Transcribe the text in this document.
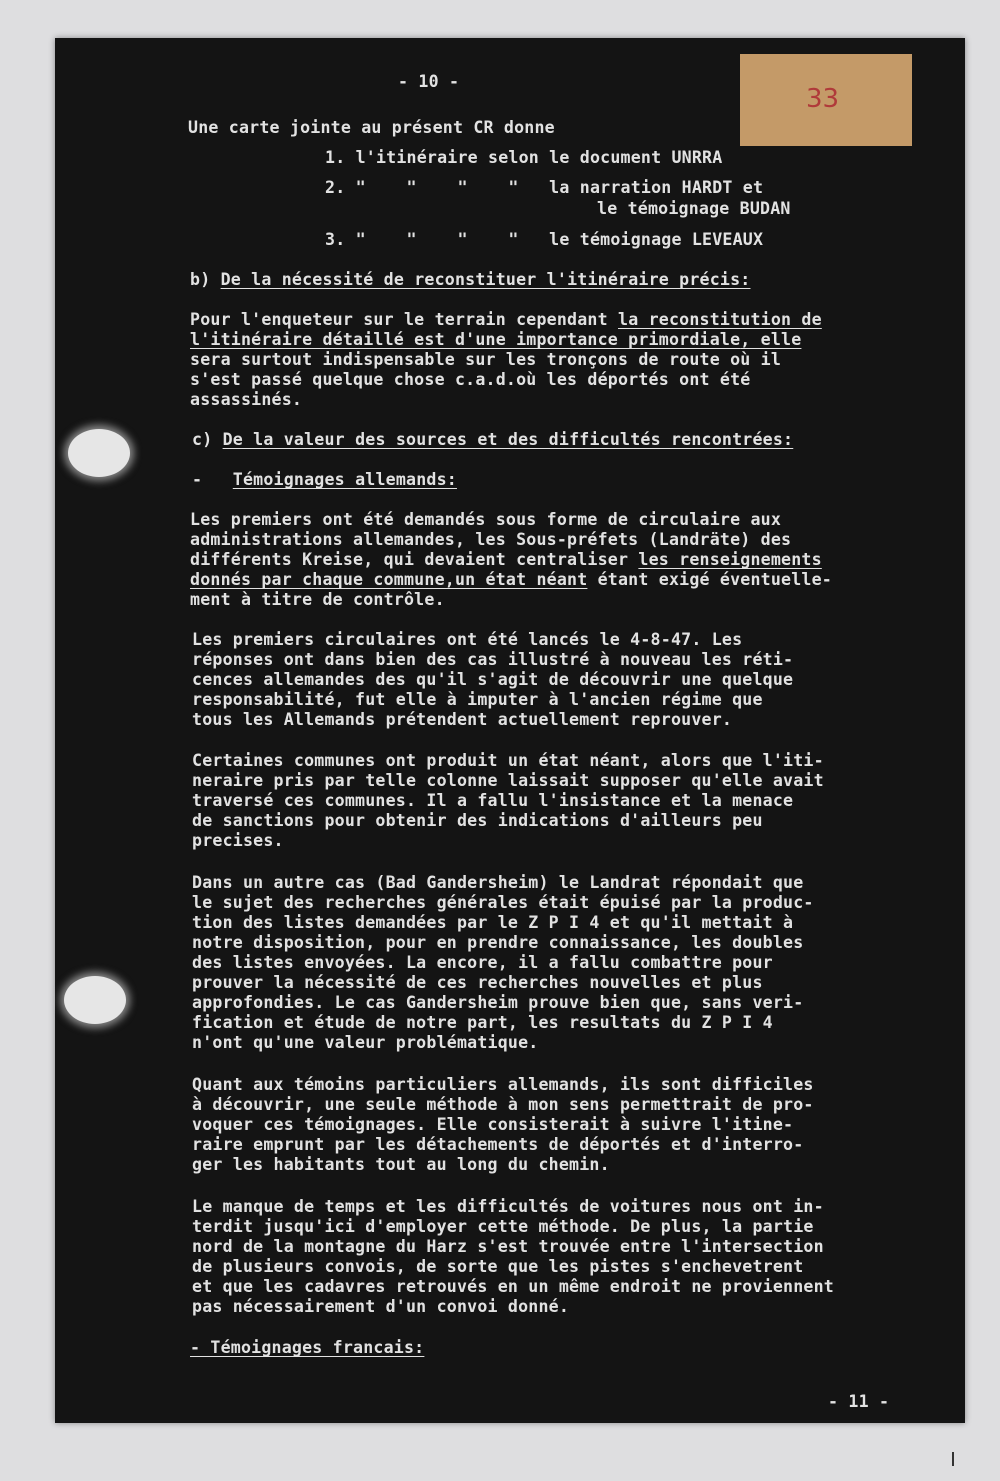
33

- 10 -

Une carte jointe au présent CR donne

1. l'itinéraire selon le document UNRRA

2. "    "    "    "   la narration HARDT et

le témoignage BUDAN

3. "    "    "    "   le témoignage LEVEAUX

b) De la nécessité de reconstituer l'itinéraire précis:

Pour l'enqueteur sur le terrain cependant la reconstitution de

l'itinéraire détaillé est d'une importance primordiale, elle

sera surtout indispensable sur les tronçons de route où il

s'est passé quelque chose c.a.d.où les déportés ont été

assassinés.

c) De la valeur des sources et des difficultés rencontrées:

- Témoignages allemands:

Les premiers ont été demandés sous forme de circulaire aux

administrations allemandes, les Sous-préfets (Landräte) des

différents Kreise, qui devaient centraliser les renseignements

donnés par chaque commune,un état néant étant exigé éventuelle-

ment à titre de contrôle.

Les premiers circulaires ont été lancés le 4-8-47. Les

réponses ont dans bien des cas illustré à nouveau les réti-

cences allemandes des qu'il s'agit de découvrir une quelque

responsabilité, fut elle à imputer à l'ancien régime que

tous les Allemands prétendent actuellement reprouver.

Certaines communes ont produit un état néant, alors que l'iti-

neraire pris par telle colonne laissait supposer qu'elle avait

traversé ces communes. Il a fallu l'insistance et la menace

de sanctions pour obtenir des indications d'ailleurs peu

precises.

Dans un autre cas (Bad Gandersheim) le Landrat répondait que

le sujet des recherches générales était épuisé par la produc-

tion des listes demandées par le Z P I 4 et qu'il mettait à

notre disposition, pour en prendre connaissance, les doubles

des listes envoyées. La encore, il a fallu combattre pour

prouver la nécessité de ces recherches nouvelles et plus

approfondies. Le cas Gandersheim prouve bien que, sans veri-

fication et étude de notre part, les resultats du Z P I 4

n'ont qu'une valeur problématique.

Quant aux témoins particuliers allemands, ils sont difficiles

à découvrir, une seule méthode à mon sens permettrait de pro-

voquer ces témoignages. Elle consisterait à suivre l'itine-

raire emprunt par les détachements de déportés et d'interro-

ger les habitants tout au long du chemin.

Le manque de temps et les difficultés de voitures nous ont in-

terdit jusqu'ici d'employer cette méthode. De plus, la partie

nord de la montagne du Harz s'est trouvée entre l'intersection

de plusieurs convois, de sorte que les pistes s'enchevetrent

et que les cadavres retrouvés en un même endroit ne proviennent

pas nécessairement d'un convoi donné.

- Témoignages francais:

- 11 -
